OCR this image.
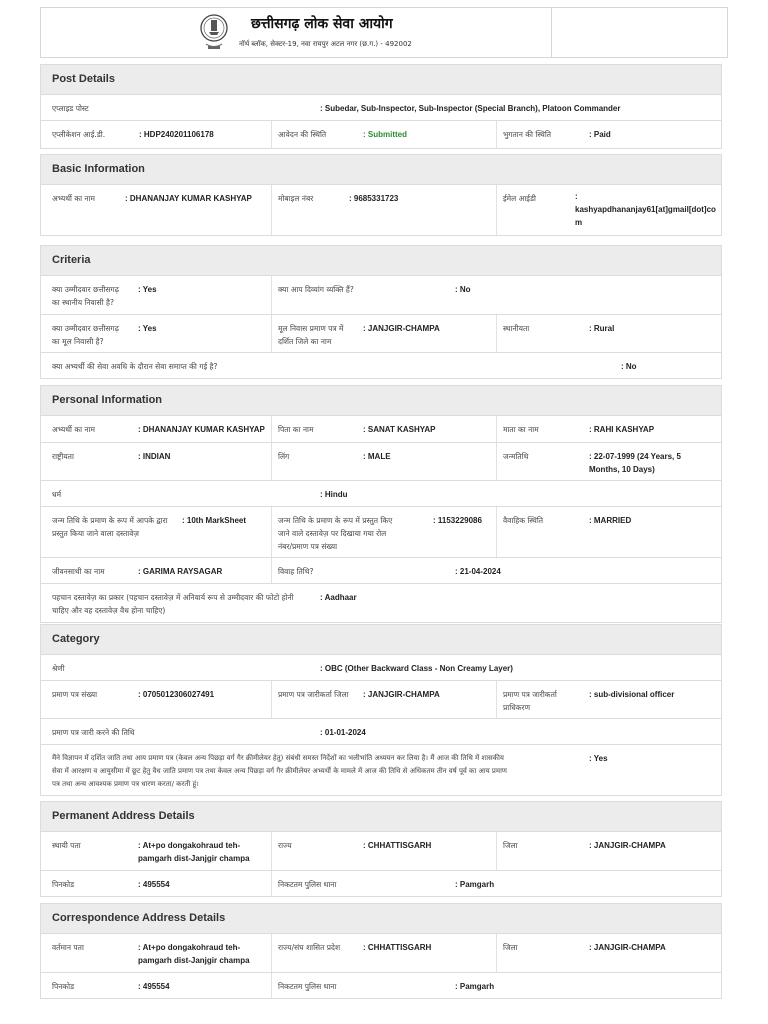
छत्तीसगढ़ लोक सेवा आयोग
नॉर्थ ब्लॉक, सेक्टर-19, नवा रायपुर अटल नगर (छ.ग.) - 492002
Post Details
एप्लाइड पोस्ट	: Subedar, Sub-Inspector, Sub-Inspector (Special Branch), Platoon Commander
एप्लीकेशन आई.डी.	: HDP240201106178	आवेदन की स्थिति	: Submitted	भुगतान की स्थिति	: Paid
Basic Information
अभ्यर्थी का नाम	: DHANANJAY KUMAR KASHYAP	मोबाइल नंबर	: 9685331723	ईमेल आईडी	:
kashyapdhananjay61[at]gmail[dot]co
m
Criteria
क्या उम्मीदवार छत्तीसगढ़
का स्थानीय निवासी है?
: Yes	क्या आप दिव्यांग व्यक्ति हैं?	: No
क्या उम्मीदवार छत्तीसगढ़
का मूल निवासी है?
: Yes	मूल निवास प्रमाण पत्र में
दर्शित जिले का नाम
: JANJGIR-CHAMPA	स्थानीयता	: Rural
क्या अभ्यर्थी की सेवा अवधि के दौरान सेवा समाप्त की गई है?	: No
Personal Information
अभ्यर्थी का नाम	: DHANANJAY KUMAR KASHYAP पिता का नाम	: SANAT KASHYAP	माता का नाम	: RAHI KASHYAP
राष्ट्रीयता	: INDIAN	लिंग	: MALE	जन्मतिथि	: 22-07-1999 (24 Years, 5
Months, 10 Days)
धर्म	: Hindu
जन्म तिथि के प्रमाण के रूप में आपके द्वारा
प्रस्तुत किया जाने वाला दस्तावेज़
: 10th MarkSheet	जन्म तिथि के प्रमाण के रूप में प्रस्तुत किए
जाने वाले दस्तावेज़ पर दिखाया गया रोल
नंबर/प्रमाण पत्र संख्या
: 1153229086	वैवाहिक स्थिति	: MARRIED
जीवनसाथी का नाम	: GARIMA RAYSAGAR	विवाह तिथि?	: 21-04-2024
पहचान दस्तावेज़ का प्रकार (पहचान दस्तावेज़ में अनिवार्य रूप से उम्मीदवार की फोटो होनी
चाहिए और वह दस्तावेज़ वैध होना चाहिए)
: Aadhaar
Category
श्रेणी	: OBC (Other Backward Class - Non Creamy Layer)
प्रमाण पत्र संख्या	: 0705012306027491	प्रमाण पत्र जारीकर्ता जिला : JANJGIR-CHAMPA	प्रमाण पत्र जारीकर्ता
प्राधिकरण
: sub-divisional officer
प्रमाण पत्र जारी करने की तिथि	: 01-01-2024
मैंने विज्ञापन में दर्शित जाति तथा आय प्रमाण पत्र (केवल अन्य पिछड़ा वर्ग गैर क्रीमीलेयर हेतु) संबंधी समस्त निर्देशों का भलीभांति अध्ययन कर लिया है। मैं आज की तिथि में शासकीय
सेवा में आरक्षण व आयुसीमा में छूट हेतु वैध जाति प्रमाण पत्र तथा केवल अन्य पिछड़ा वर्ग गैर क्रीमीलेयर अभ्यर्थी के मामले में आज की तिथि से अधिकतम तीन वर्ष पूर्व का आय प्रमाण
पत्र तथा अन्य आवश्यक प्रमाण पत्र धारण करता/ करती हूं।
: Yes
Permanent Address Details
स्थायी पता	: At+po dongakohraud teh-
pamgarh dist-Janjgir champa
राज्य	: CHHATTISGARH	जिला	: JANJGIR-CHAMPA
पिनकोड	: 495554	निकटतम पुलिस थाना	: Pamgarh
Correspondence Address Details
वर्तमान पता	: At+po dongakohraud teh-
pamgarh dist-Janjgir champa
राज्य/संघ शासित प्रदेश	: CHHATTISGARH	जिला	: JANJGIR-CHAMPA
पिनकोड	: 495554	निकटतम पुलिस थाना	: Pamgarh
